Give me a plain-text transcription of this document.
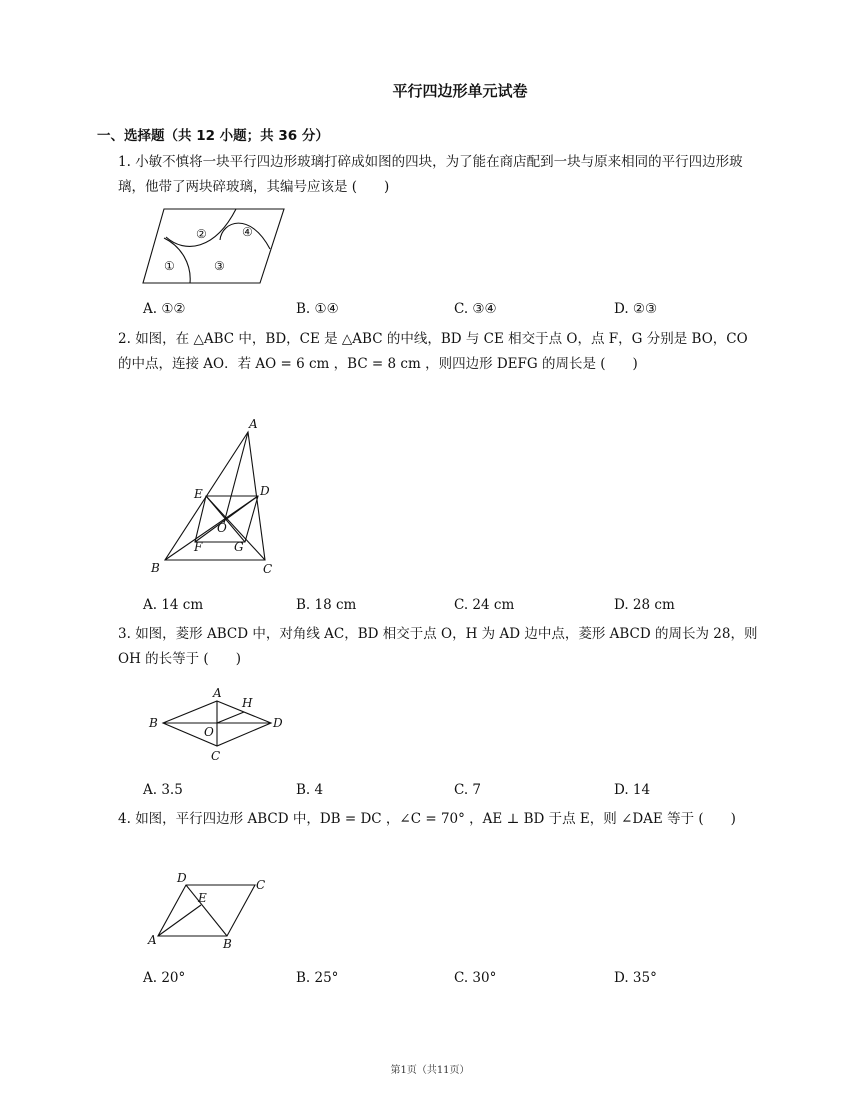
平行四边形单元试卷
一、选择题（共 12 小题；共 36 分）
1. 小敏不慎将一块平行四边形玻璃打碎成如图的四块，为了能在商店配到一块与原来相同的平行四边形玻璃，他带了两块碎玻璃，其编号应该是 (　　)
①
②
③
④
A. ①②	B. ①④	C. ③④	D. ②③
2. 如图，在 △ABC 中，BD，CE 是 △ABC 的中线，BD 与 CE 相交于点 O，点 F，G 分别是 BO，CO 的中点，连接 AO．若 AO = 6 cm ，BC = 8 cm ，则四边形 DEFG 的周长是 (　　)
A
E	D
O
F	G
B	C
A. 14 cm	B. 18 cm	C. 24 cm	D. 28 cm
3. 如图，菱形 ABCD 中，对角线 AC，BD 相交于点 O，H 为 AD 边中点，菱形 ABCD 的周长为 28，则 OH 的长等于 (　　)
A
H
B	D
O
C
A. 3.5	B. 4	C. 7	D. 14
4. 如图，平行四边形 ABCD 中，DB = DC ，∠C = 70° ，AE ⊥ BD 于点 E，则 ∠DAE 等于 (　　)
D	C
E
A	B
A. 20°	B. 25°	C. 30°	D. 35°
第1页（共11页）
